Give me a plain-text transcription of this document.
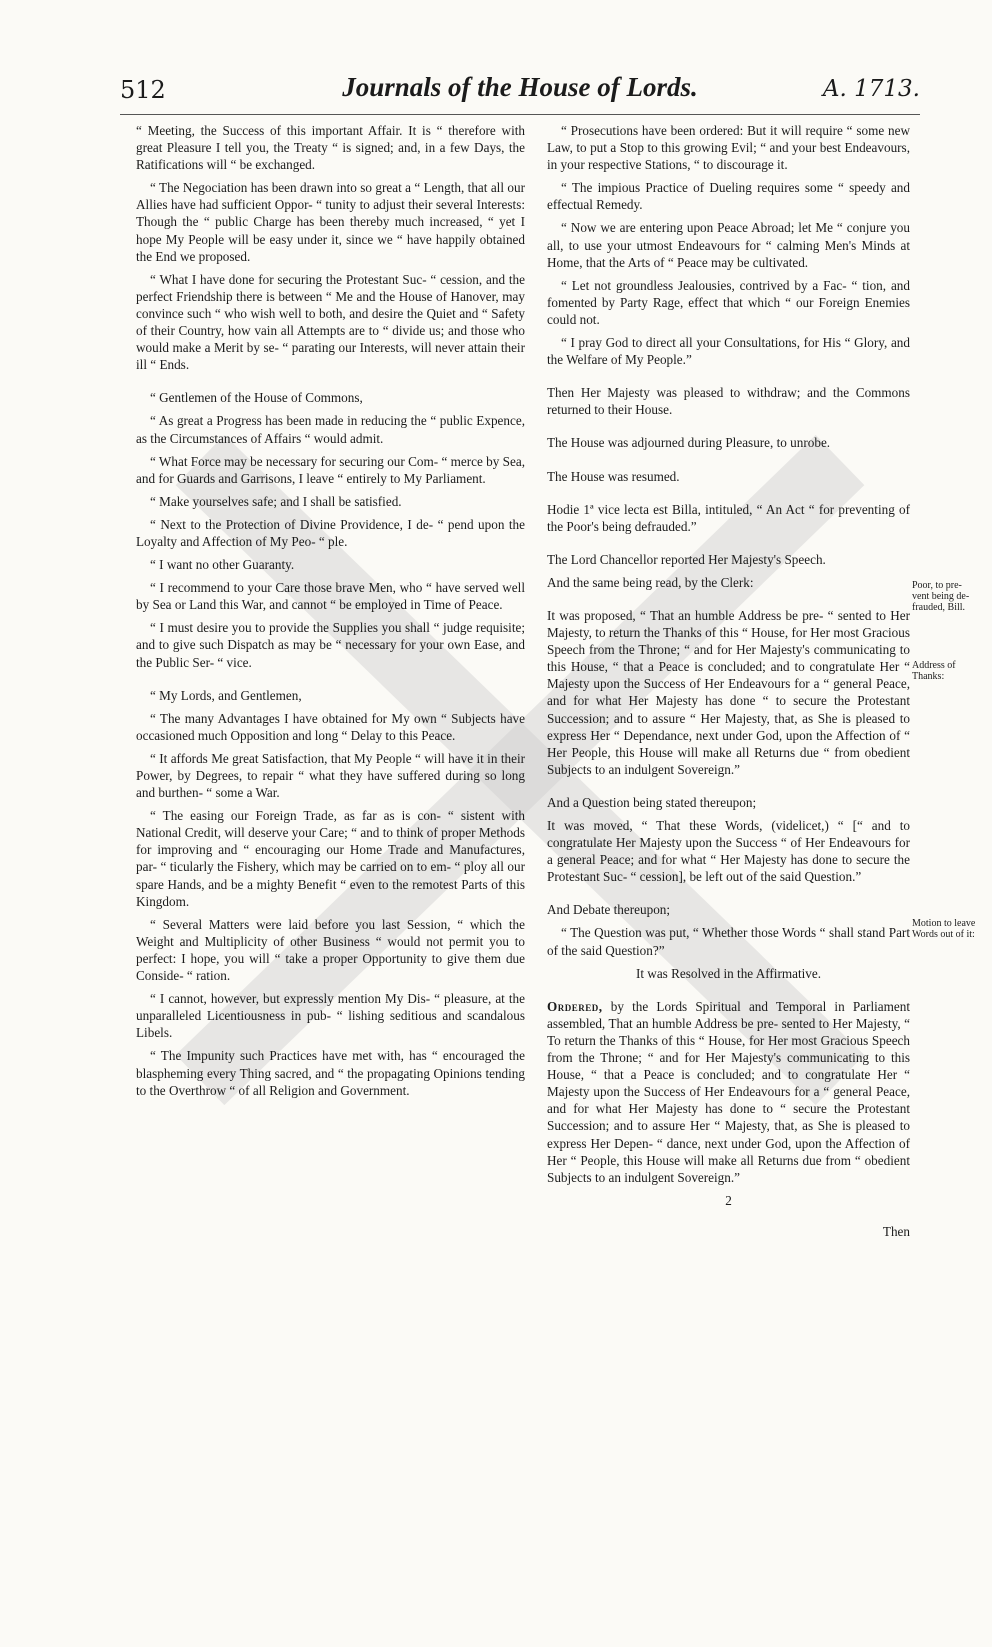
512	Journals of the House of Lords.	A. 1713.

“ Meeting, the Success of this important Affair. It is “ therefore with great Pleasure I tell you, the Treaty “ is signed; and, in a few Days, the Ratifications will “ be exchanged.

“ The Negociation has been drawn into so great a “ Length, that all our Allies have had sufficient Oppor- “ tunity to adjust their several Interests: Though the “ public Charge has been thereby much increased, “ yet I hope My People will be easy under it, since we “ have happily obtained the End we proposed.

“ What I have done for securing the Protestant Suc- “ cession, and the perfect Friendship there is between “ Me and the House of Hanover, may convince such “ who wish well to both, and desire the Quiet and “ Safety of their Country, how vain all Attempts are to “ divide us; and those who would make a Merit by se- “ parating our Interests, will never attain their ill “ Ends.

“ Gentlemen of the House of Commons,

“ As great a Progress has been made in reducing the “ public Expence, as the Circumstances of Affairs “ would admit.

“ What Force may be necessary for securing our Com- “ merce by Sea, and for Guards and Garrisons, I leave “ entirely to My Parliament.

“ Make yourselves safe; and I shall be satisfied.

“ Next to the Protection of Divine Providence, I de- “ pend upon the Loyalty and Affection of My Peo- “ ple.

“ I want no other Guaranty.

“ I recommend to your Care those brave Men, who “ have served well by Sea or Land this War, and cannot “ be employed in Time of Peace.

“ I must desire you to provide the Supplies you shall “ judge requisite; and to give such Dispatch as may be “ necessary for your own Ease, and the Public Ser- “ vice.

“ My Lords, and Gentlemen,

“ The many Advantages I have obtained for My own “ Subjects have occasioned much Opposition and long “ Delay to this Peace.

“ It affords Me great Satisfaction, that My People “ will have it in their Power, by Degrees, to repair “ what they have suffered during so long and burthen- “ some a War.

“ The easing our Foreign Trade, as far as is con- “ sistent with National Credit, will deserve your Care; “ and to think of proper Methods for improving and “ encouraging our Home Trade and Manufactures, par- “ ticularly the Fishery, which may be carried on to em- “ ploy all our spare Hands, and be a mighty Benefit “ even to the remotest Parts of this Kingdom.

“ Several Matters were laid before you last Session, “ which the Weight and Multiplicity of other Business “ would not permit you to perfect: I hope, you will “ take a proper Opportunity to give them due Conside- “ ration.

“ I cannot, however, but expressly mention My Dis- “ pleasure, at the unparalleled Licentiousness in pub- “ lishing seditious and scandalous Libels.

“ The Impunity such Practices have met with, has “ encouraged the blaspheming every Thing sacred, and “ the propagating Opinions tending to the Overthrow “ of all Religion and Government.

“ Prosecutions have been ordered: But it will require “ some new Law, to put a Stop to this growing Evil; “ and your best Endeavours, in your respective Stations, “ to discourage it.

“ The impious Practice of Dueling requires some “ speedy and effectual Remedy.

“ Now we are entering upon Peace Abroad; let Me “ conjure you all, to use your utmost Endeavours for “ calming Men's Minds at Home, that the Arts of “ Peace may be cultivated.

“ Let not groundless Jealousies, contrived by a Fac- “ tion, and fomented by Party Rage, effect that which “ our Foreign Enemies could not.

“ I pray God to direct all your Consultations, for His “ Glory, and the Welfare of My People.”

Then Her Majesty was pleased to withdraw; and the Commons returned to their House.

The House was adjourned during Pleasure, to unrobe.

The House was resumed.

Hodie 1ª vice lecta est Billa, intituled, “ An Act “ for preventing of the Poor's being defrauded.”

The Lord Chancellor reported Her Majesty's Speech.

And the same being read, by the Clerk:

It was proposed, “ That an humble Address be pre- “ sented to Her Majesty, to return the Thanks of this “ House, for Her most Gracious Speech from the Throne; “ and for Her Majesty's communicating to this House, “ that a Peace is concluded; and to congratulate Her “ Majesty upon the Success of Her Endeavours for a “ general Peace, and for what Her Majesty has done “ to secure the Protestant Succession; and to assure “ Her Majesty, that, as She is pleased to express Her “ Dependance, next under God, upon the Affection of “ Her People, this House will make all Returns due “ from obedient Subjects to an indulgent Sovereign.”

And a Question being stated thereupon;

It was moved, “ That these Words, (videlicet,) “ [“ and to congratulate Her Majesty upon the Success “ of Her Endeavours for a general Peace; and for what “ Her Majesty has done to secure the Protestant Suc- “ cession], be left out of the said Question.”

And Debate thereupon;

“ The Question was put, “ Whether those Words “ shall stand Part of the said Question?”

It was Resolved in the Affirmative.

Ordered, by the Lords Spiritual and Temporal in Parliament assembled, That an humble Address be pre- sented to Her Majesty, “ To return the Thanks of this “ House, for Her most Gracious Speech from the Throne; “ and for Her Majesty's communicating to this House, “ that a Peace is concluded; and to congratulate Her “ Majesty upon the Success of Her Endeavours for a “ general Peace, and for what Her Majesty has done to “ secure the Protestant Succession; and to assure Her “ Majesty, that, as She is pleased to express Her Depen- “ dance, next under God, upon the Affection of Her “ People, this House will make all Returns due from “ obedient Subjects to an indulgent Sovereign.”

2
Then
Poor, to pre- vent being de- frauded, Bill.
Address of Thanks:
Motion to leave Words out of it:
